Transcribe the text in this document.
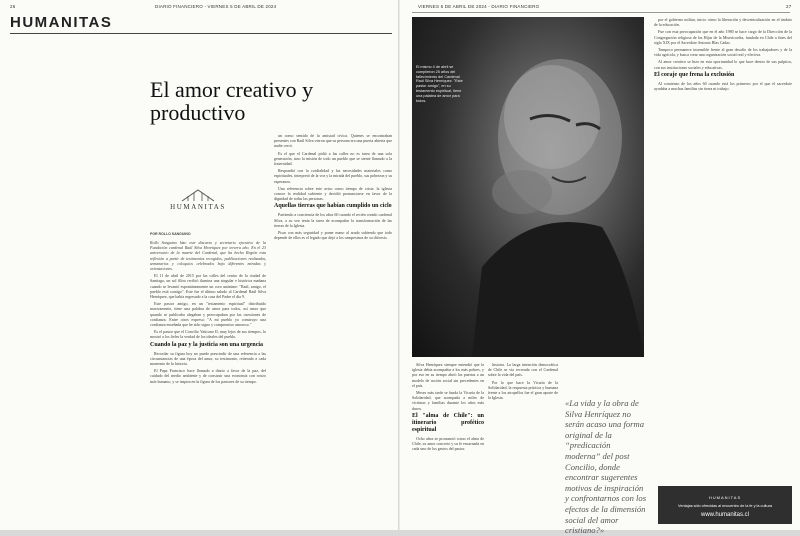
26	DIARIO FINANCIERO - VIERNES 5 DE ABRIL DE 2024
HUMANITAS
El amor creativo y productivo
HUMANITAS
POR ROLLO SANGUINO

Rollo Sanguino hizo este discurso y secretario ejecutivo de la Fundación cardenal Raúl Silva Henríquez por tercera año. En el 23 aniversario de la muerte del Cardenal, que ha hecho Región esta reflexión a partir de testimonios recogidos, publicaciones realizadas, semanarios y coloquios celebrados bajo diferentes miradas y orientaciones.

El 11 de abril de 2015 por las calles del centro de la ciudad de Santiago, un sol filtro recibió ilumina una singular e histórica mañana cuando se levantó espontáneamente un coro unánime: "Raúl, amigo, el pueblo está contigo". Este fue el último saludo al Cardenal Raúl Silva Henríquez, que había regresado a la casa del Padre el día 9.

Este pastor amigo, en un "testamento espiritual" distribuido masivamente, tiene una palabra de amor para todos, así amor que quando se publicaba alegaban y preocupaban por las cuestiones de confianza. Entre otros expresa: "A mí pueblo yo construyo una confianza enseñada que he sido signo y compromiso amoroso."

Es el pastor que el Concilio Vaticano II, muy lejos de sus tiempos, lo mostró a los fieles la verdad de los ideales del pueblo.

Cuando la paz y la justicia son una urgencia

Recordar su figura hoy no puede prescindir de una referencia a las circunstancias de una época del amor, su testimonio, reiterado a cada momento de la historia.

El Papa Francisco hace llamado a diario a favor de la paz, del cuidado del medio ambiente y de construir una economía con rostro más humano, y se inspira en la figura de los pastores de su tiempo.

un como sentido de la amistad cívica. Quienes se encontraban presentes con Raúl Silva vieron que su persona era una puerta abierta que nadie cerró.

Es el que el Cardenal pidió a las calles no es tarea de una sola generación, sino la misión de todo un pueblo que se siente llamado a la fraternidad.

Respondió con la cordialidad y las necesidades materiales como espirituales, interpretó de la voz y la mirada del pueblo, sus pobrezas y su esperanza.

Una referencia sobre este aviso como tiempo de crisis: la iglesia conoce la realidad sufriente y decidió pronunciarse en favor de la dignidad de todas las personas.

Aquellas tierras que habían cumplido un ciclo

Partiendo a conciencia de los años 60 cuando el recién creado cardenal Silva, a su vez tenía la tarea de acompañar la transformación de las tierras de la Iglesia.

Pisar con más seguridad y poner mano al arado sabiendo que todo depende de ellos es el legado que dejó a los campesinos de su diócesis.

VIERNES 5 DE ABRIL DE 2024 - DIARIO FINANCIERO	27
El mismo 4 de abril se cumplieron 25 años del fallecimiento del Cardenal Raúl Silva Henríquez. "Este pastor amigo", en su testamento espiritual, tiene una palabra de amor para todos.

Silva Henríquez siempre entendió que la iglesia debía acompañar a los más pobres, y por eso en su tiempo abrió las puertas a un modelo de acción social sin precedentes en el país.

Meses más tarde se funda la Vicaría de la Solidaridad, que acompaña a miles de víctimas y familias durante los años más duros.

El "alma de Chile": un itinerario profético espiritual

Ocho años se pronunció como el alma de Chile, su amor concreto y su fe encarnada en cada uno de los gestos del pastor.

historia. La larga intención democrática de Chile se vio recreada con el Cardenal sobre la vida del país.

Por lo que hace la Vicaría de la Solidaridad, la respuesta práctica y humana frente a los atropellos fue el gran aporte de la Iglesia.

«La vida y la obra de Silva Henríquez no serán acaso una forma original de la “predicación moderna” del post Concilio, donde encontrar sugerentes motivos de inspiración y confrontarnos con los efectos de la dimensión social del amor cristiano?»

por el gobierno militar, inicio cómo la liberación y descentralización en el ámbito de la educación.

Fue con esta preocupación que en el año 1980 se hace cargo de la Dirección de la Congregación religiosa de las Hijas de la Misericordia, fundada en Chile a fines del siglo XIX por el Sacerdote Antonio Blas Cañas.

Tampoco permanece insensible frente al gran desafío de los trabajadores y de la vida agrícola, y busca crear una organización social real y efectiva.

Al amor creativo se hizo en esta oportunidad lo que hace dentro de sus pulpitos, con sus instituciones sociales y educativas.

El coraje que frena la exclusión

Al comienzo de los años 60 cuando está los primeros por el que el sacerdote ayudaba a muchas familias sin tierra ni trabajo.

HUMANITAS
Ventajas sólo ofrecidas al encuentro de la fe y la cultura
www.humanitas.cl
